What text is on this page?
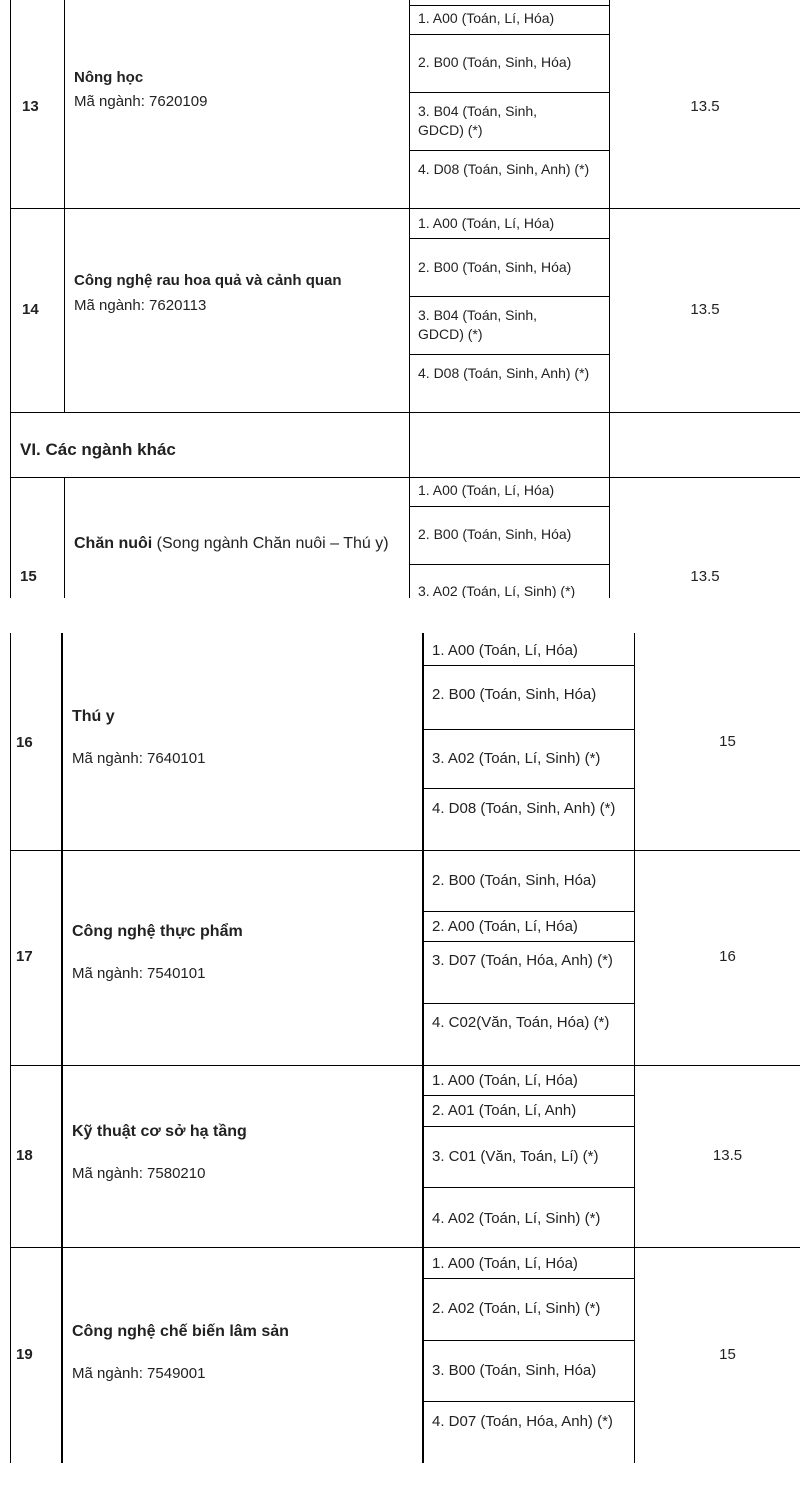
13
Nông học
Mã ngành: 7620109
1. A00 (Toán, Lí, Hóa)
2. B00 (Toán, Sinh, Hóa)
3. B04 (Toán, Sinh, GDCD) (*)
4. D08 (Toán, Sinh, Anh) (*)
13.5
14
Công nghệ rau hoa quả và cảnh quan
Mã ngành: 7620113
1. A00 (Toán, Lí, Hóa)
2. B00 (Toán, Sinh, Hóa)
3. B04 (Toán, Sinh, GDCD) (*)
4. D08 (Toán, Sinh, Anh) (*)
13.5
VI. Các ngành khác
15
Chăn nuôi (Song ngành Chăn nuôi – Thú y)
1. A00 (Toán, Lí, Hóa)
2. B00 (Toán, Sinh, Hóa)
3. A02 (Toán, Lí, Sinh) (*)
13.5
16
Thú y
Mã ngành: 7640101
1. A00 (Toán, Lí, Hóa)
2. B00 (Toán, Sinh, Hóa)
3. A02 (Toán, Lí, Sinh) (*)
4. D08 (Toán, Sinh, Anh) (*)
15
17
Công nghệ thực phẩm
Mã ngành: 7540101
2. B00 (Toán, Sinh, Hóa)
2. A00 (Toán, Lí, Hóa)
3. D07 (Toán, Hóa, Anh) (*)
4. C02(Văn, Toán, Hóa) (*)
16
18
Kỹ thuật cơ sở hạ tầng
Mã ngành: 7580210
1. A00 (Toán, Lí, Hóa)
2. A01 (Toán, Lí, Anh)
3. C01 (Văn, Toán, Lí) (*)
4. A02 (Toán, Lí, Sinh) (*)
13.5
19
Công nghệ chế biến lâm sản
Mã ngành: 7549001
1. A00 (Toán, Lí, Hóa)
2. A02 (Toán, Lí, Sinh) (*)
3. B00 (Toán, Sinh, Hóa)
4. D07 (Toán, Hóa, Anh) (*)
15
